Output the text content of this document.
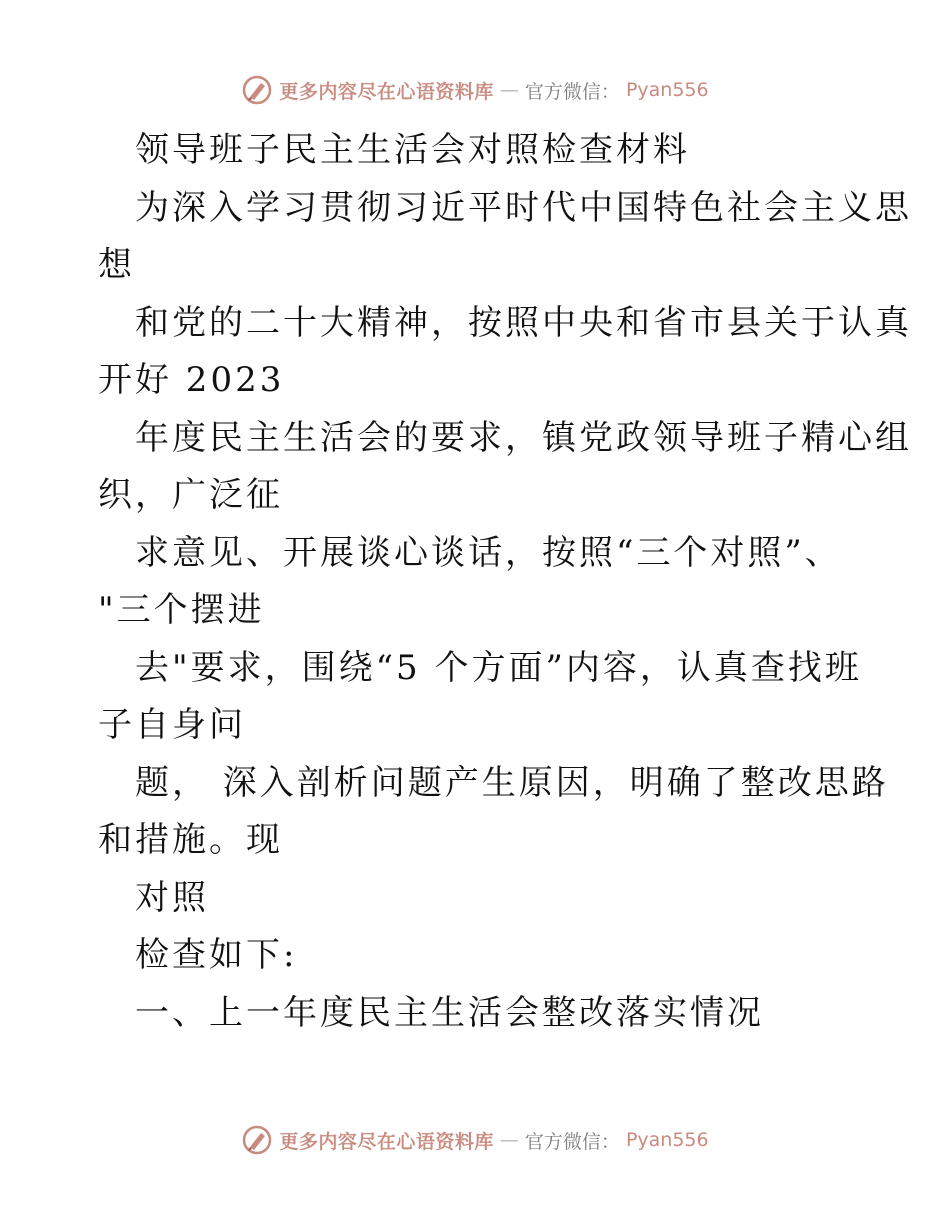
更多内容尽在心语资料库 — 官方微信： Pyan556
领导班子民主生活会对照检查材料
为深入学习贯彻习近平时代中国特色社会主义思
想
和党的二十大精神，按照中央和省市县关于认真
开好 2023
年度民主生活会的要求，镇党政领导班子精心组
织，广泛征
求意见、开展谈心谈话，按照“三个对照”、
"三个摆进
去"要求，围绕“5 个方面”内容，认真查找班
子自身问
题， 深入剖析问题产生原因，明确了整改思路
和措施。现
对照
检查如下:
一、上一年度民主生活会整改落实情况
更多内容尽在心语资料库 — 官方微信： Pyan556
